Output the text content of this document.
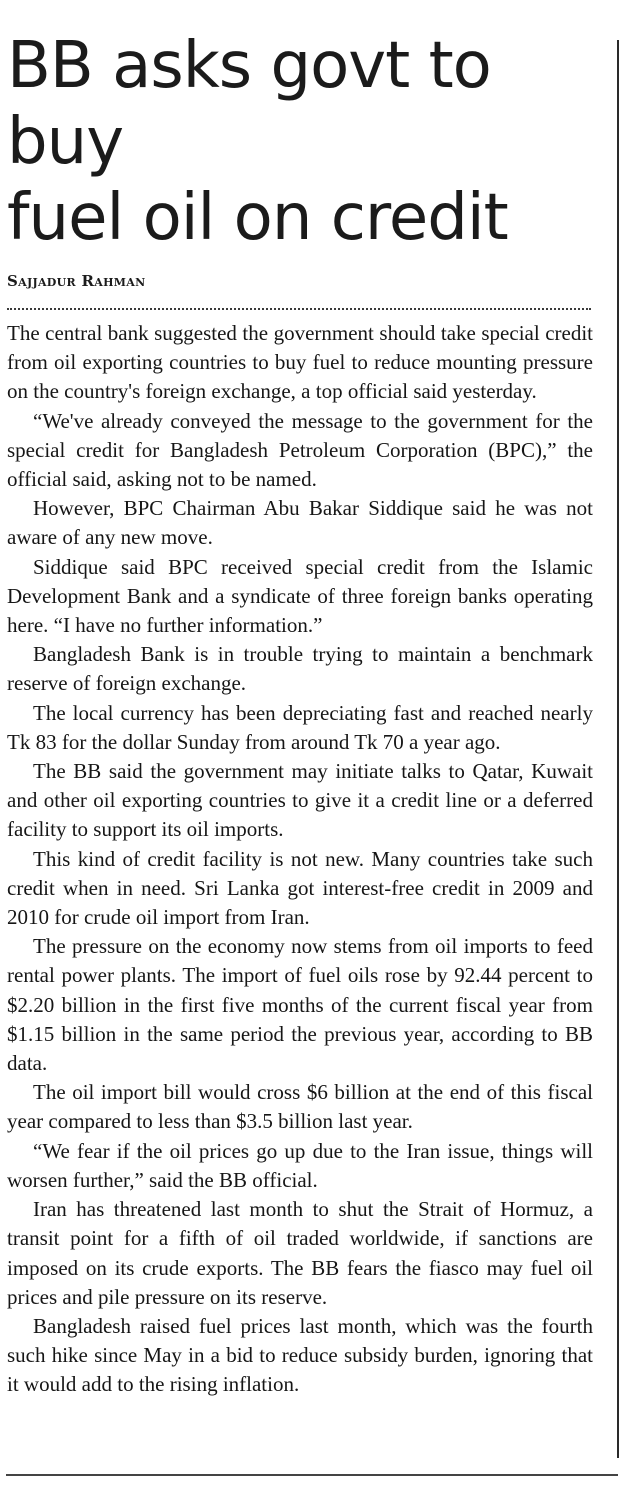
BB asks govt to buy
fuel oil on credit
Sajjadur Rahman

The central bank suggested the government should take special credit from oil exporting countries to buy fuel to reduce mounting pressure on the country's foreign exchange, a top official said yesterday.

“We've already conveyed the message to the government for the special credit for Bangladesh Petroleum Corporation (BPC),” the official said, asking not to be named.

However, BPC Chairman Abu Bakar Siddique said he was not aware of any new move.

Siddique said BPC received special credit from the Islamic Development Bank and a syndicate of three foreign banks operating here. “I have no further information.”

Bangladesh Bank is in trouble trying to maintain a benchmark reserve of foreign exchange.

The local currency has been depreciating fast and reached nearly Tk 83 for the dollar Sunday from around Tk 70 a year ago.

The BB said the government may initiate talks to Qatar, Kuwait and other oil exporting countries to give it a credit line or a deferred facility to support its oil imports.

This kind of credit facility is not new. Many countries take such credit when in need. Sri Lanka got interest-free credit in 2009 and 2010 for crude oil import from Iran.

The pressure on the economy now stems from oil imports to feed rental power plants. The import of fuel oils rose by 92.44 percent to $2.20 billion in the first five months of the current fiscal year from $1.15 billion in the same period the previous year, according to BB data.

The oil import bill would cross $6 billion at the end of this fiscal year compared to less than $3.5 billion last year.

“We fear if the oil prices go up due to the Iran issue, things will worsen further,” said the BB official.

Iran has threatened last month to shut the Strait of Hormuz, a transit point for a fifth of oil traded worldwide, if sanctions are imposed on its crude exports. The BB fears the fiasco may fuel oil prices and pile pressure on its reserve.

Bangladesh raised fuel prices last month, which was the fourth such hike since May in a bid to reduce subsidy burden, ignoring that it would add to the rising inflation.
